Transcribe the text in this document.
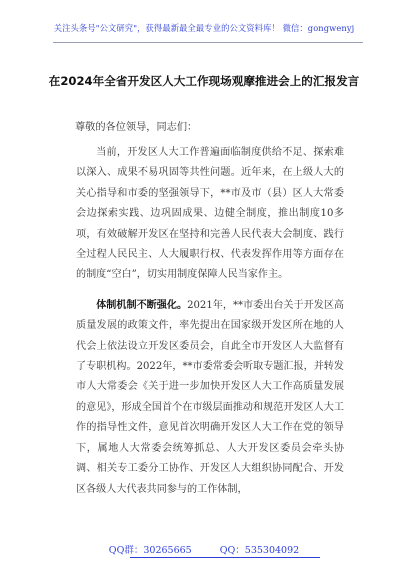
关注头条号"公文研究"，获得最新最全最专业的公文资料库！ 微信：gongwenyj
在2024年全省开发区人大工作现场观摩推进会上的汇报发言
尊敬的各位领导，同志们：

当前，开发区人大工作普遍面临制度供给不足、探索难以深入、成果不易巩固等共性问题。近年来，在上级人大的关心指导和市委的坚强领导下，**市及市（县）区人大常委会边探索实践、边巩固成果、边健全制度，推出制度10多项，有效破解开发区在坚持和完善人民代表大会制度、践行全过程人民民主、人大履职行权、代表发挥作用等方面存在的制度“空白”，切实用制度保障人民当家作主。

体制机制不断强化。2021年，**市委出台关于开发区高质量发展的政策文件，率先提出在国家级开发区所在地的人代会上依法设立开发区委员会，自此全市开发区人大监督有了专职机构。2022年，**市委常委会听取专题汇报，并转发市人大常委会《关于进一步加快开发区人大工作高质量发展的意见》，形成全国首个在市级层面推动和规范开发区人大工作的指导性文件，意见首次明确开发区人大工作在党的领导下，属地人大常委会统筹抓总、人大开发区委员会牵头协调、相关专工委分工协作、开发区人大组织协同配合、开发区各级人大代表共同参与的工作体制，

QQ群：30265665	QQ：535304092
